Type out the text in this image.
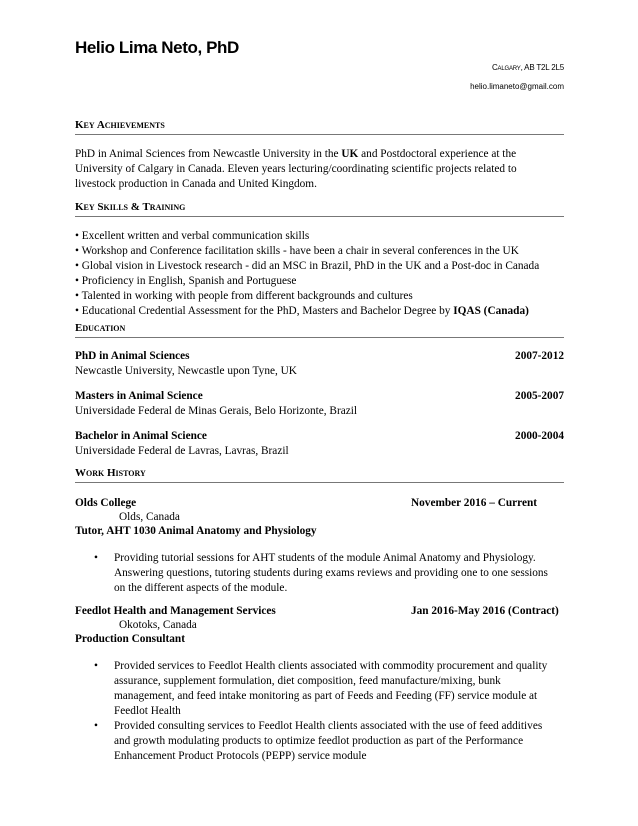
Helio Lima Neto, PhD
Calgary, AB T2L 2L5
helio.limaneto@gmail.com
Key Achievements
PhD in Animal Sciences from Newcastle University in the UK and Postdoctoral experience at the
University of Calgary in Canada. Eleven years lecturing/coordinating scientific projects related to
livestock production in Canada and United Kingdom.
Key Skills & Training
• Excellent written and verbal communication skills
• Workshop and Conference facilitation skills - have been a chair in several conferences in the UK
• Global vision in Livestock research - did an MSC in Brazil, PhD in the UK and a Post-doc in Canada
• Proficiency in English, Spanish and Portuguese
• Talented in working with people from different backgrounds and cultures
• Educational Credential Assessment for the PhD, Masters and Bachelor Degree by IQAS (Canada)
Education
PhD in Animal Sciences	2007-2012
Newcastle University, Newcastle upon Tyne, UK
Masters in Animal Science	2005-2007
Universidade Federal de Minas Gerais, Belo Horizonte, Brazil
Bachelor in Animal Science	2000-2004
Universidade Federal de Lavras, Lavras, Brazil
Work History
Olds College	November 2016 – Current
Olds, Canada
Tutor, AHT 1030 Animal Anatomy and Physiology
• Providing tutorial sessions for AHT students of the module Animal Anatomy and Physiology.
Answering questions, tutoring students during exams reviews and providing one to one sessions
on the different aspects of the module.
Feedlot Health and Management Services	Jan 2016-May 2016 (Contract)
Okotoks, Canada
Production Consultant
• Provided services to Feedlot Health clients associated with commodity procurement and quality
assurance, supplement formulation, diet composition, feed manufacture/mixing, bunk
management, and feed intake monitoring as part of Feeds and Feeding (FF) service module at
Feedlot Health
• Provided consulting services to Feedlot Health clients associated with the use of feed additives
and growth modulating products to optimize feedlot production as part of the Performance
Enhancement Product Protocols (PEPP) service module
